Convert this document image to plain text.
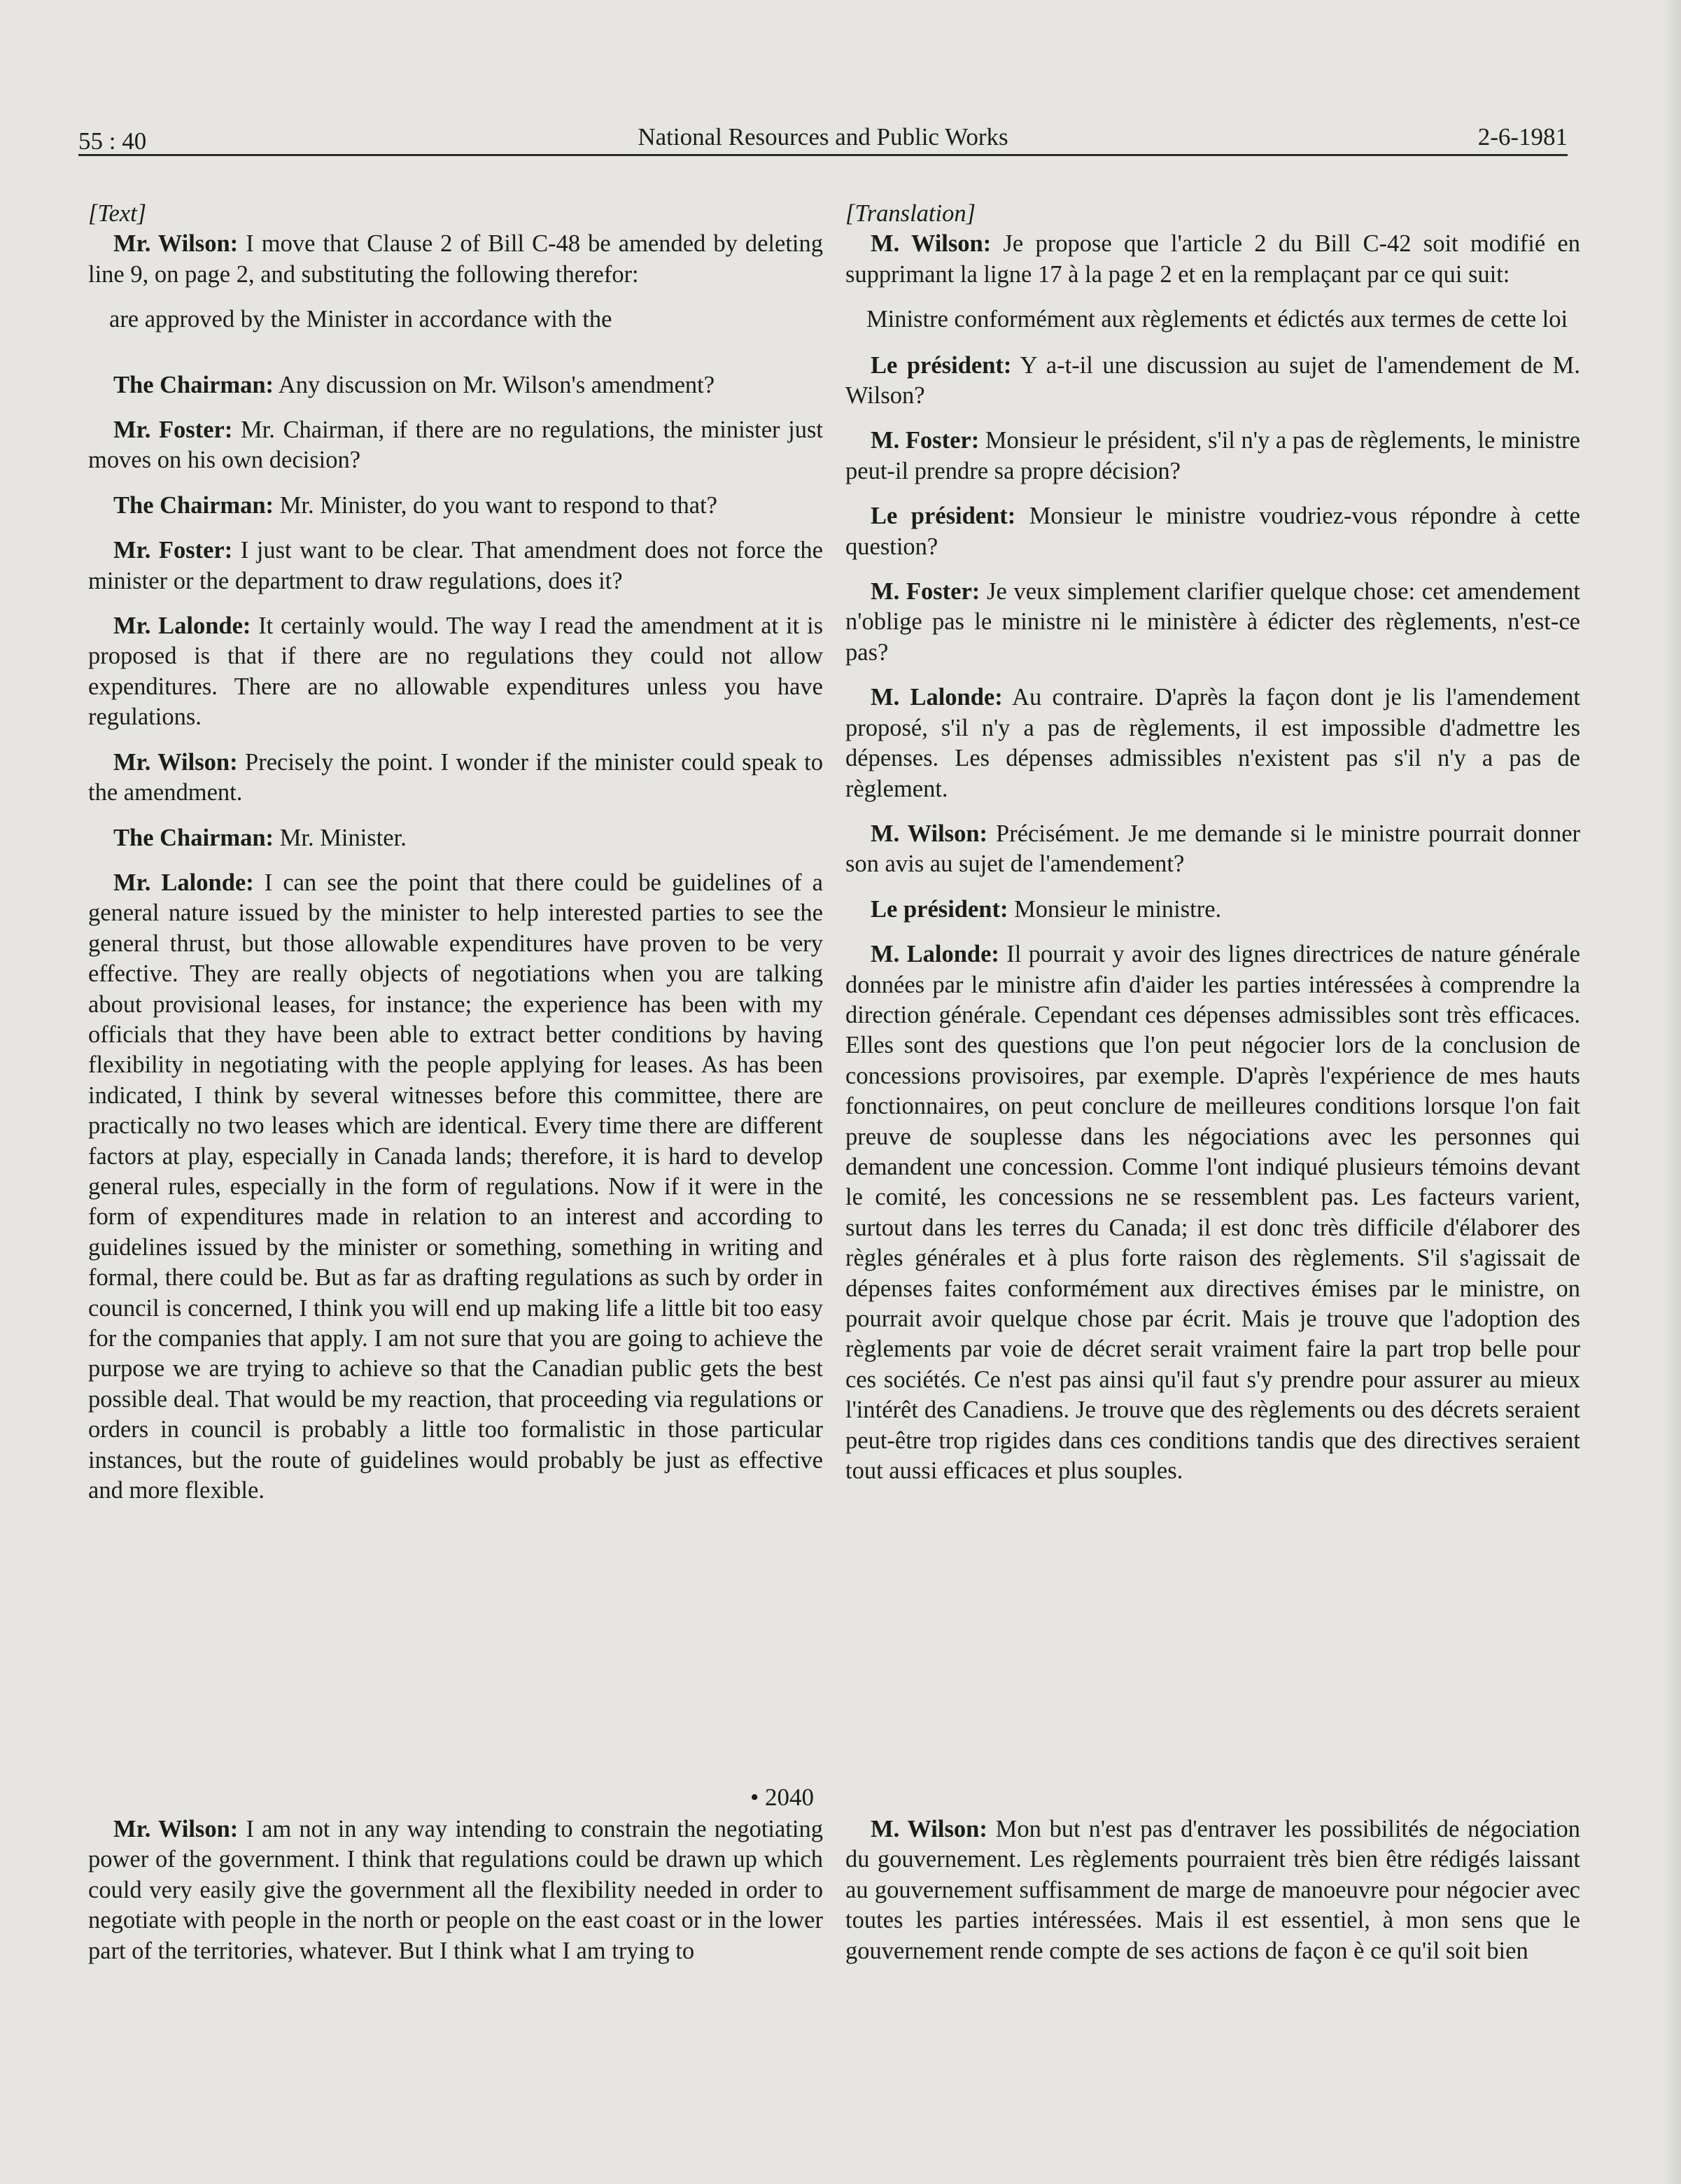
National Resources and Public Works
55 : 40	2-6-1981

[Text]

Mr. Wilson: I move that Clause 2 of Bill C-48 be amended by deleting line 9, on page 2, and substituting the following therefor:

are approved by the Minister in accordance with the

The Chairman: Any discussion on Mr. Wilson's amendment?

Mr. Foster: Mr. Chairman, if there are no regulations, the minister just moves on his own decision?

The Chairman: Mr. Minister, do you want to respond to that?

Mr. Foster: I just want to be clear. That amendment does not force the minister or the department to draw regulations, does it?

Mr. Lalonde: It certainly would. The way I read the amendment at it is proposed is that if there are no regulations they could not allow expenditures. There are no allowable expenditures unless you have regulations.

Mr. Wilson: Precisely the point. I wonder if the minister could speak to the amendment.

The Chairman: Mr. Minister.

Mr. Lalonde: I can see the point that there could be guidelines of a general nature issued by the minister to help interested parties to see the general thrust, but those allowable expenditures have proven to be very effective. They are really objects of negotiations when you are talking about provisional leases, for instance; the experience has been with my officials that they have been able to extract better conditions by having flexibility in negotiating with the people applying for leases. As has been indicated, I think by several witnesses before this committee, there are practically no two leases which are identical. Every time there are different factors at play, especially in Canada lands; therefore, it is hard to develop general rules, especially in the form of regulations. Now if it were in the form of expenditures made in relation to an interest and according to guidelines issued by the minister or something, something in writing and formal, there could be. But as far as drafting regulations as such by order in council is concerned, I think you will end up making life a little bit too easy for the companies that apply. I am not sure that you are going to achieve the purpose we are trying to achieve so that the Canadian public gets the best possible deal. That would be my reaction, that proceeding via regulations or orders in council is probably a little too formalistic in those particular instances, but the route of guidelines would probably be just as effective and more flexible.

• 2040

Mr. Wilson: I am not in any way intending to constrain the negotiating power of the government. I think that regulations could be drawn up which could very easily give the government all the flexibility needed in order to negotiate with people in the north or people on the east coast or in the lower part of the territories, whatever. But I think what I am trying to

[Translation]

M. Wilson: Je propose que l'article 2 du Bill C-42 soit modifié en supprimant la ligne 17 à la page 2 et en la remplaçant par ce qui suit:

Ministre conformément aux règlements et édictés aux termes de cette loi

Le président: Y a-t-il une discussion au sujet de l'amendement de M. Wilson?

M. Foster: Monsieur le président, s'il n'y a pas de règlements, le ministre peut-il prendre sa propre décision?

Le président: Monsieur le ministre voudriez-vous répondre à cette question?

M. Foster: Je veux simplement clarifier quelque chose: cet amendement n'oblige pas le ministre ni le ministère à édicter des règlements, n'est-ce pas?

M. Lalonde: Au contraire. D'après la façon dont je lis l'amendement proposé, s'il n'y a pas de règlements, il est impossible d'admettre les dépenses. Les dépenses admissibles n'existent pas s'il n'y a pas de règlement.

M. Wilson: Précisément. Je me demande si le ministre pourrait donner son avis au sujet de l'amendement?

Le président: Monsieur le ministre.

M. Lalonde: Il pourrait y avoir des lignes directrices de nature générale données par le ministre afin d'aider les parties intéressées à comprendre la direction générale. Cependant ces dépenses admissibles sont très efficaces. Elles sont des questions que l'on peut négocier lors de la conclusion de concessions provisoires, par exemple. D'après l'expérience de mes hauts fonctionnaires, on peut conclure de meilleures conditions lorsque l'on fait preuve de souplesse dans les négociations avec les personnes qui demandent une concession. Comme l'ont indiqué plusieurs témoins devant le comité, les concessions ne se ressemblent pas. Les facteurs varient, surtout dans les terres du Canada; il est donc très difficile d'élaborer des règles générales et à plus forte raison des règlements. S'il s'agissait de dépenses faites conformément aux directives émises par le ministre, on pourrait avoir quelque chose par écrit. Mais je trouve que l'adoption des règlements par voie de décret serait vraiment faire la part trop belle pour ces sociétés. Ce n'est pas ainsi qu'il faut s'y prendre pour assurer au mieux l'intérêt des Canadiens. Je trouve que des règlements ou des décrets seraient peut-être trop rigides dans ces conditions tandis que des directives seraient tout aussi efficaces et plus souples.

M. Wilson: Mon but n'est pas d'entraver les possibilités de négociation du gouvernement. Les règlements pourraient très bien être rédigés laissant au gouvernement suffisamment de marge de manoeuvre pour négocier avec toutes les parties intéressées. Mais il est essentiel, à mon sens que le gouvernement rende compte de ses actions de façon è ce qu'il soit bien
